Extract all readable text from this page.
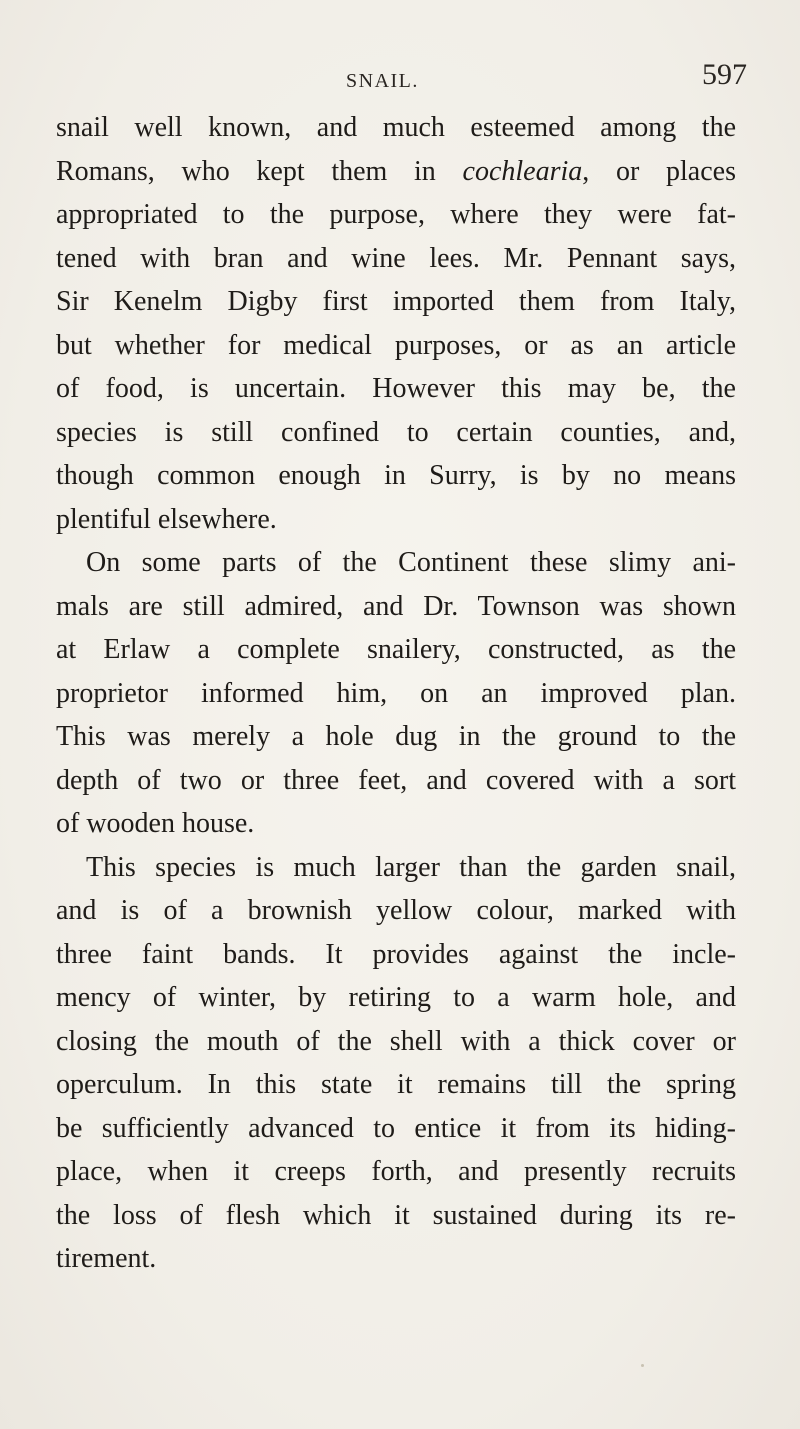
SNAIL.	597
snail well known, and much esteemed among the
Romans, who kept them in cochlearia, or places
appropriated to the purpose, where they were fat-
tened with bran and wine lees. Mr. Pennant says,
Sir Kenelm Digby first imported them from Italy,
but whether for medical purposes, or as an article
of food, is uncertain. However this may be, the
species is still confined to certain counties, and,
though common enough in Surry, is by no means
plentiful elsewhere.
On some parts of the Continent these slimy ani-
mals are still admired, and Dr. Townson was shown
at Erlaw a complete snailery, constructed, as the
proprietor informed him, on an improved plan.
This was merely a hole dug in the ground to the
depth of two or three feet, and covered with a sort
of wooden house.
This species is much larger than the garden snail,
and is of a brownish yellow colour, marked with
three faint bands. It provides against the incle-
mency of winter, by retiring to a warm hole, and
closing the mouth of the shell with a thick cover or
operculum. In this state it remains till the spring
be sufficiently advanced to entice it from its hiding-
place, when it creeps forth, and presently recruits
the loss of flesh which it sustained during its re-
tirement.
